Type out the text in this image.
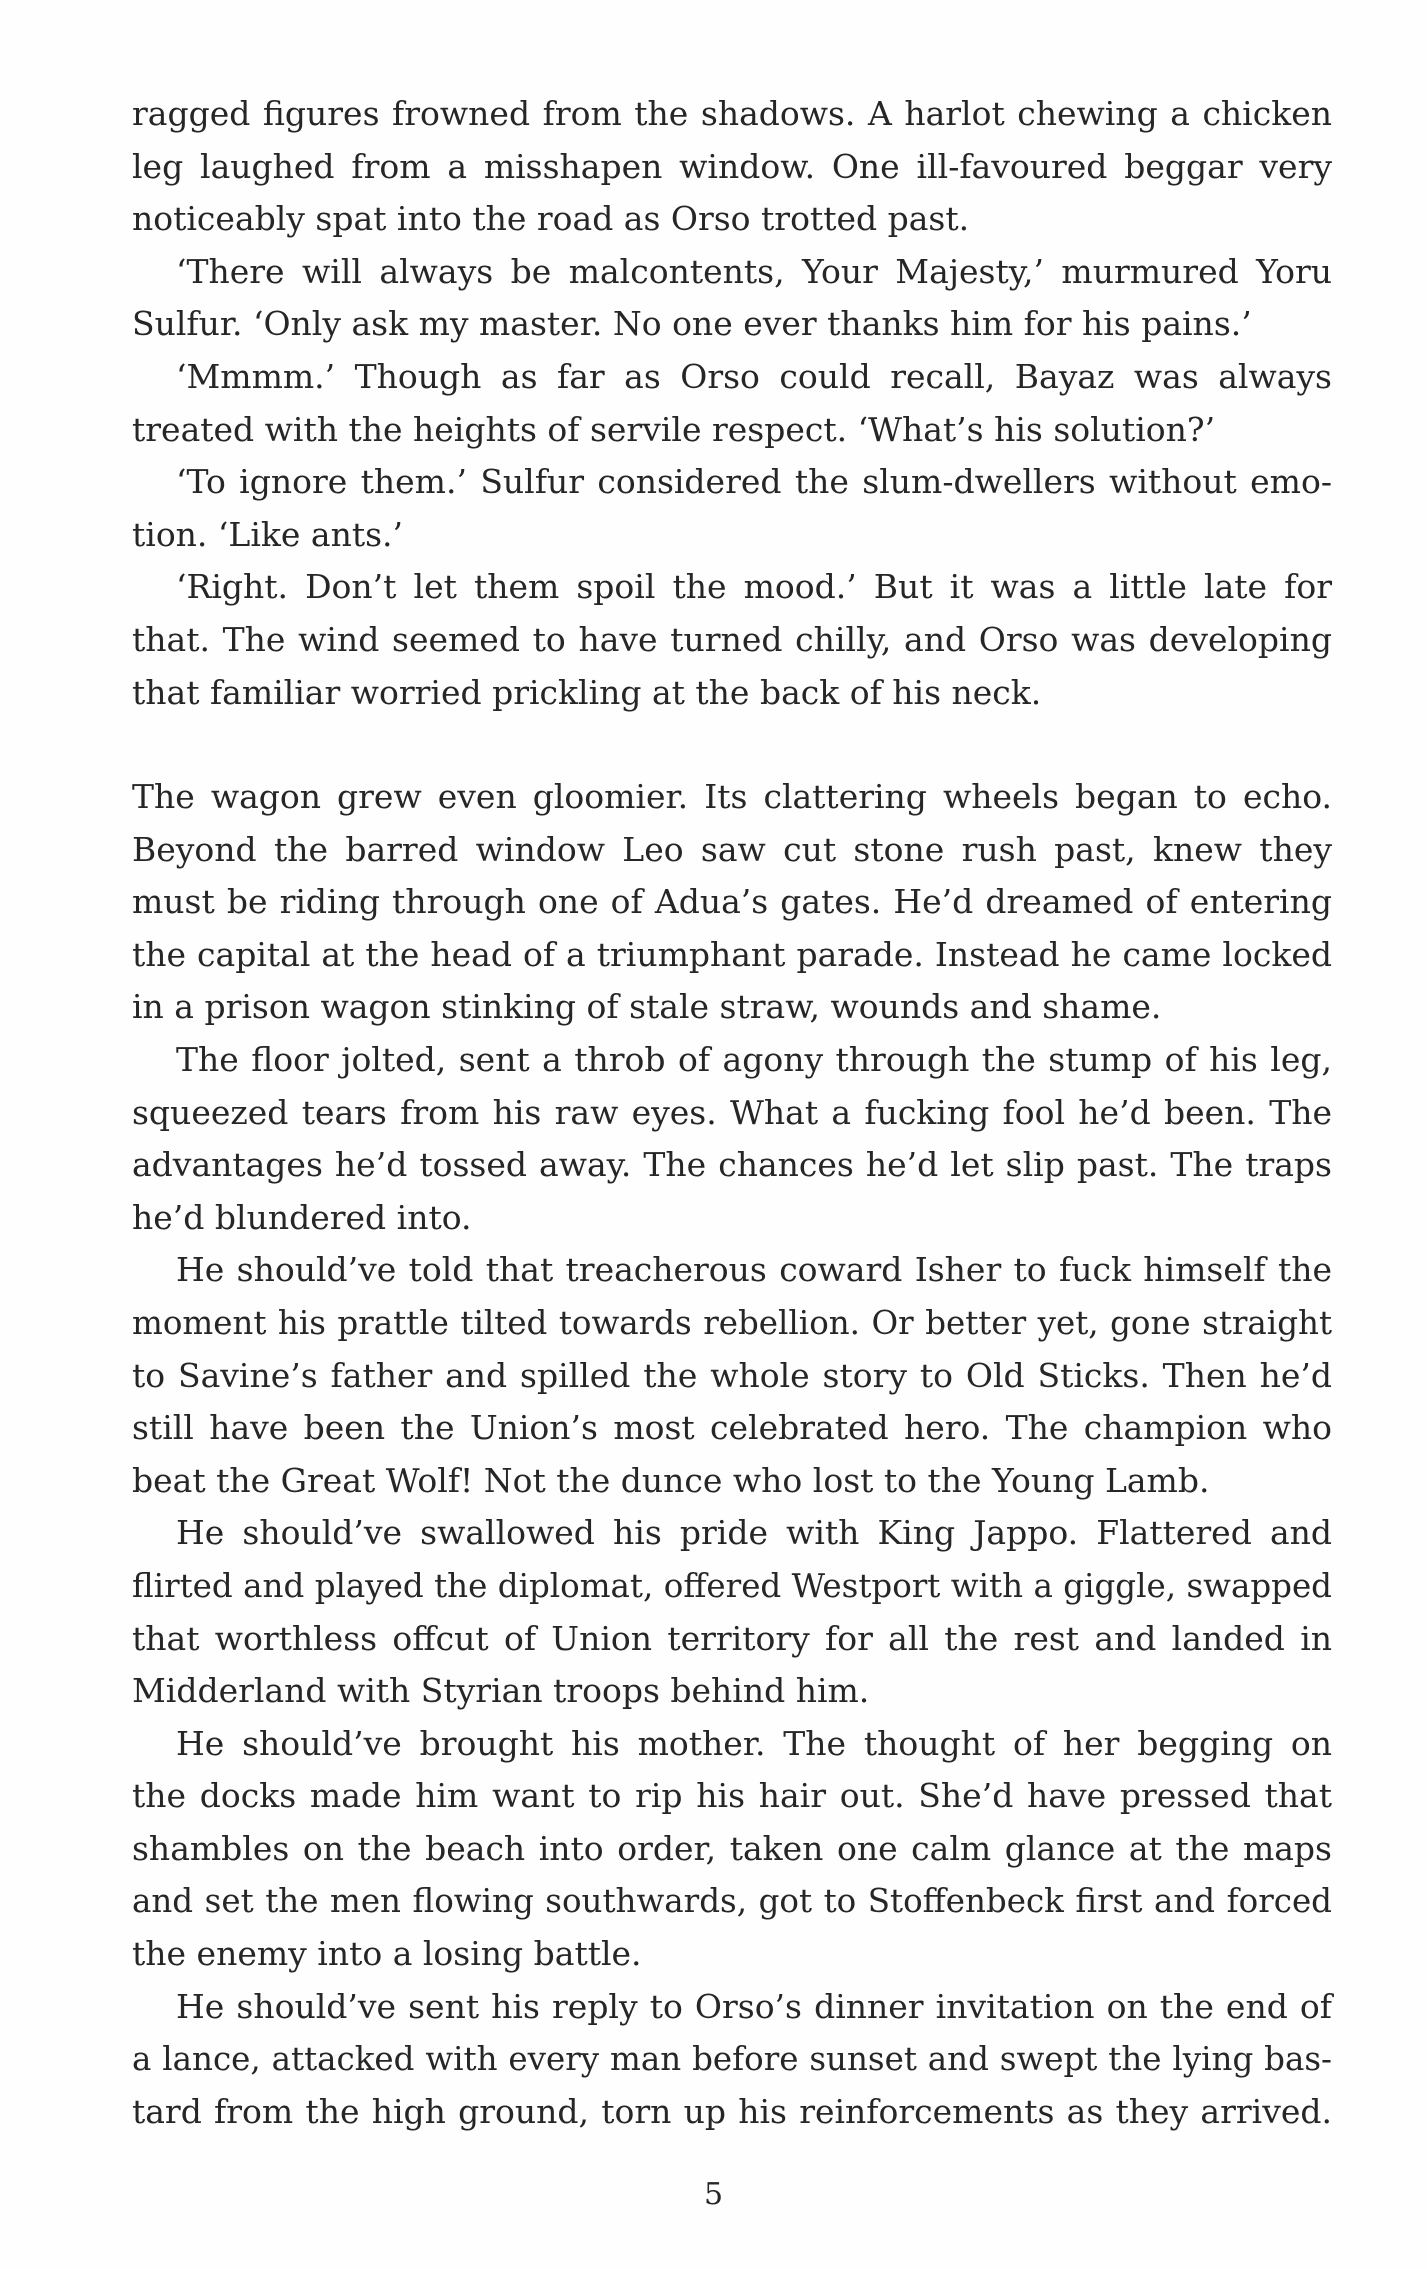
ragged figures frowned from the shadows. A harlot chewing a chicken
leg laughed from a misshapen window. One ill-favoured beggar very
noticeably spat into the road as Orso trotted past.
‘There will always be malcontents, Your Majesty,’ murmured Yoru
Sulfur. ‘Only ask my master. No one ever thanks him for his pains.’
‘Mmmm.’ Though as far as Orso could recall, Bayaz was always
treated with the heights of servile respect. ‘What’s his solution?’
‘To ignore them.’ Sulfur considered the slum-dwellers without emo-
tion. ‘Like ants.’
‘Right. Don’t let them spoil the mood.’ But it was a little late for
that. The wind seemed to have turned chilly, and Orso was developing
that familiar worried prickling at the back of his neck.
The wagon grew even gloomier. Its clattering wheels began to echo.
Beyond the barred window Leo saw cut stone rush past, knew they
must be riding through one of Adua’s gates. He’d dreamed of entering
the capital at the head of a triumphant parade. Instead he came locked
in a prison wagon stinking of stale straw, wounds and shame.
The floor jolted, sent a throb of agony through the stump of his leg,
squeezed tears from his raw eyes. What a fucking fool he’d been. The
advantages he’d tossed away. The chances he’d let slip past. The traps
he’d blundered into.
He should’ve told that treacherous coward Isher to fuck himself the
moment his prattle tilted towards rebellion. Or better yet, gone straight
to Savine’s father and spilled the whole story to Old Sticks. Then he’d
still have been the Union’s most celebrated hero. The champion who
beat the Great Wolf! Not the dunce who lost to the Young Lamb.
He should’ve swallowed his pride with King Jappo. Flattered and
flirted and played the diplomat, offered Westport with a giggle, swapped
that worthless offcut of Union territory for all the rest and landed in
Midderland with Styrian troops behind him.
He should’ve brought his mother. The thought of her begging on
the docks made him want to rip his hair out. She’d have pressed that
shambles on the beach into order, taken one calm glance at the maps
and set the men flowing southwards, got to Stoffenbeck first and forced
the enemy into a losing battle.
He should’ve sent his reply to Orso’s dinner invitation on the end of
a lance, attacked with every man before sunset and swept the lying bas-
tard from the high ground, torn up his reinforcements as they arrived.
5
